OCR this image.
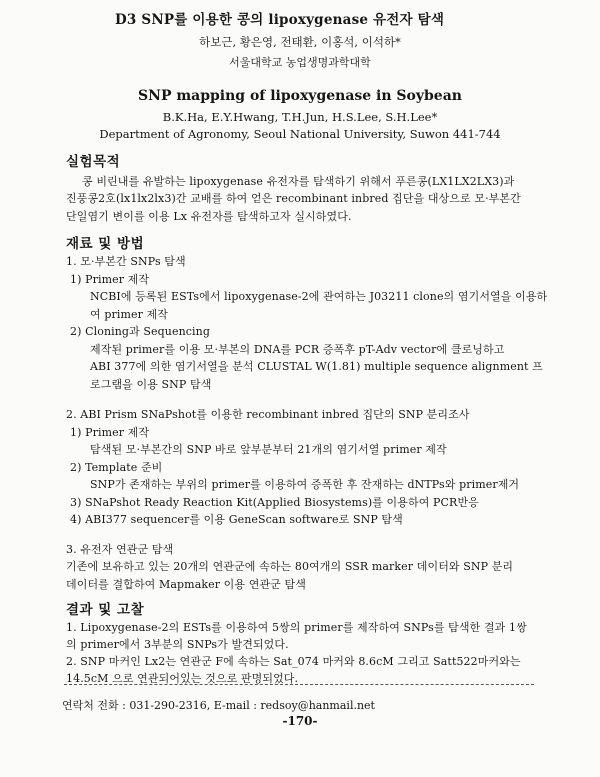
D3 SNP를 이용한 콩의 lipoxygenase 유전자 탐색
하보근, 황은영, 전태환, 이홍석, 이석하*
서울대학교 농업생명과학대학
SNP mapping of lipoxygenase in Soybean
B.K.Ha, E.Y.Hwang, T.H.Jun, H.S.Lee, S.H.Lee*
Department of Agronomy, Seoul National University, Suwon 441-744
실험목적
콩 비린내를 유발하는 lipoxygenase 유전자를 탐색하기 위해서 푸른콩(LX1LX2LX3)과
진풍콩2호(lx1lx2lx3)간 교배를 하여 얻은 recombinant inbred 집단을 대상으로 모·부본간
단일염기 변이를 이용 Lx 유전자를 탐색하고자 실시하였다.
재료 및 방법
1. 모·부본간 SNPs 탐색
1) Primer 제작
NCBI에 등록된 ESTs에서 lipoxygenase-2에 관여하는 J03211 clone의 염기서열을 이용하
여 primer 제작
2) Cloning과 Sequencing
제작된 primer를 이용 모·부본의 DNA를 PCR 증폭후 pT-Adv vector에 클로닝하고
ABI 377에 의한 염기서열을 분석 CLUSTAL W(1.81) multiple sequence alignment 프
로그램을 이용 SNP 탐색
2. ABI Prism SNaPshot를 이용한 recombinant inbred 집단의 SNP 분리조사
1) Primer 제작
탐색된 모·부본간의 SNP 바로 앞부분부터 21개의 염기서열 primer 제작
2) Template 준비
SNP가 존재하는 부위의 primer를 이용하여 증폭한 후 잔재하는 dNTPs와 primer제거
3) SNaPshot Ready Reaction Kit(Applied Biosystems)를 이용하여 PCR반응
4) ABI377 sequencer를 이용 GeneScan software로 SNP 탐색
3. 유전자 연관군 탐색
기존에 보유하고 있는 20개의 연관군에 속하는 80여개의 SSR marker 데이터와 SNP 분리
데이터를 결합하여 Mapmaker 이용 연관군 탐색
결과 및 고찰
1. Lipoxygenase-2의 ESTs를 이용하여 5쌍의 primer를 제작하여 SNPs를 탐색한 결과 1쌍
의 primer에서 3부분의 SNPs가 발견되었다.
2. SNP 마커인 Lx2는 연관군 F에 속하는 Sat_074 마커와 8.6cM 그리고 Satt522마커와는
14.5cM 으로 연관되어있는 것으로 판명되었다.
연락처 전화 : 031-290-2316, E-mail : redsoy@hanmail.net
-170-
